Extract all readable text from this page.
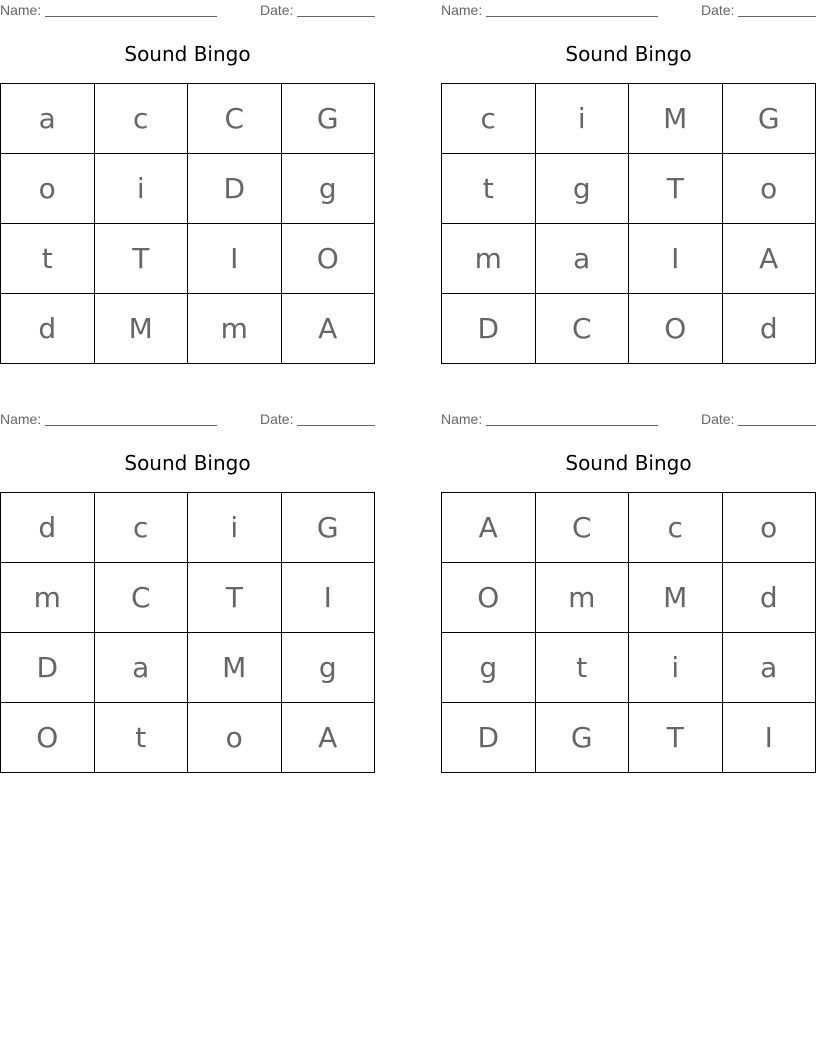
Name:	Date:
Sound Bingo
a	c	C	G
o	i	D	g
t	T	I	O
d	M	m	A
Name:	Date:
Sound Bingo
c	i	M	G
t	g	T	o
m	a	I	A
D	C	O	d
Name:	Date:
Sound Bingo
d	c	i	G
m	C	T	I
D	a	M	g
O	t	o	A
Name:	Date:
Sound Bingo
A	C	c	o
O	m	M	d
g	t	i	a
D	G	T	I
